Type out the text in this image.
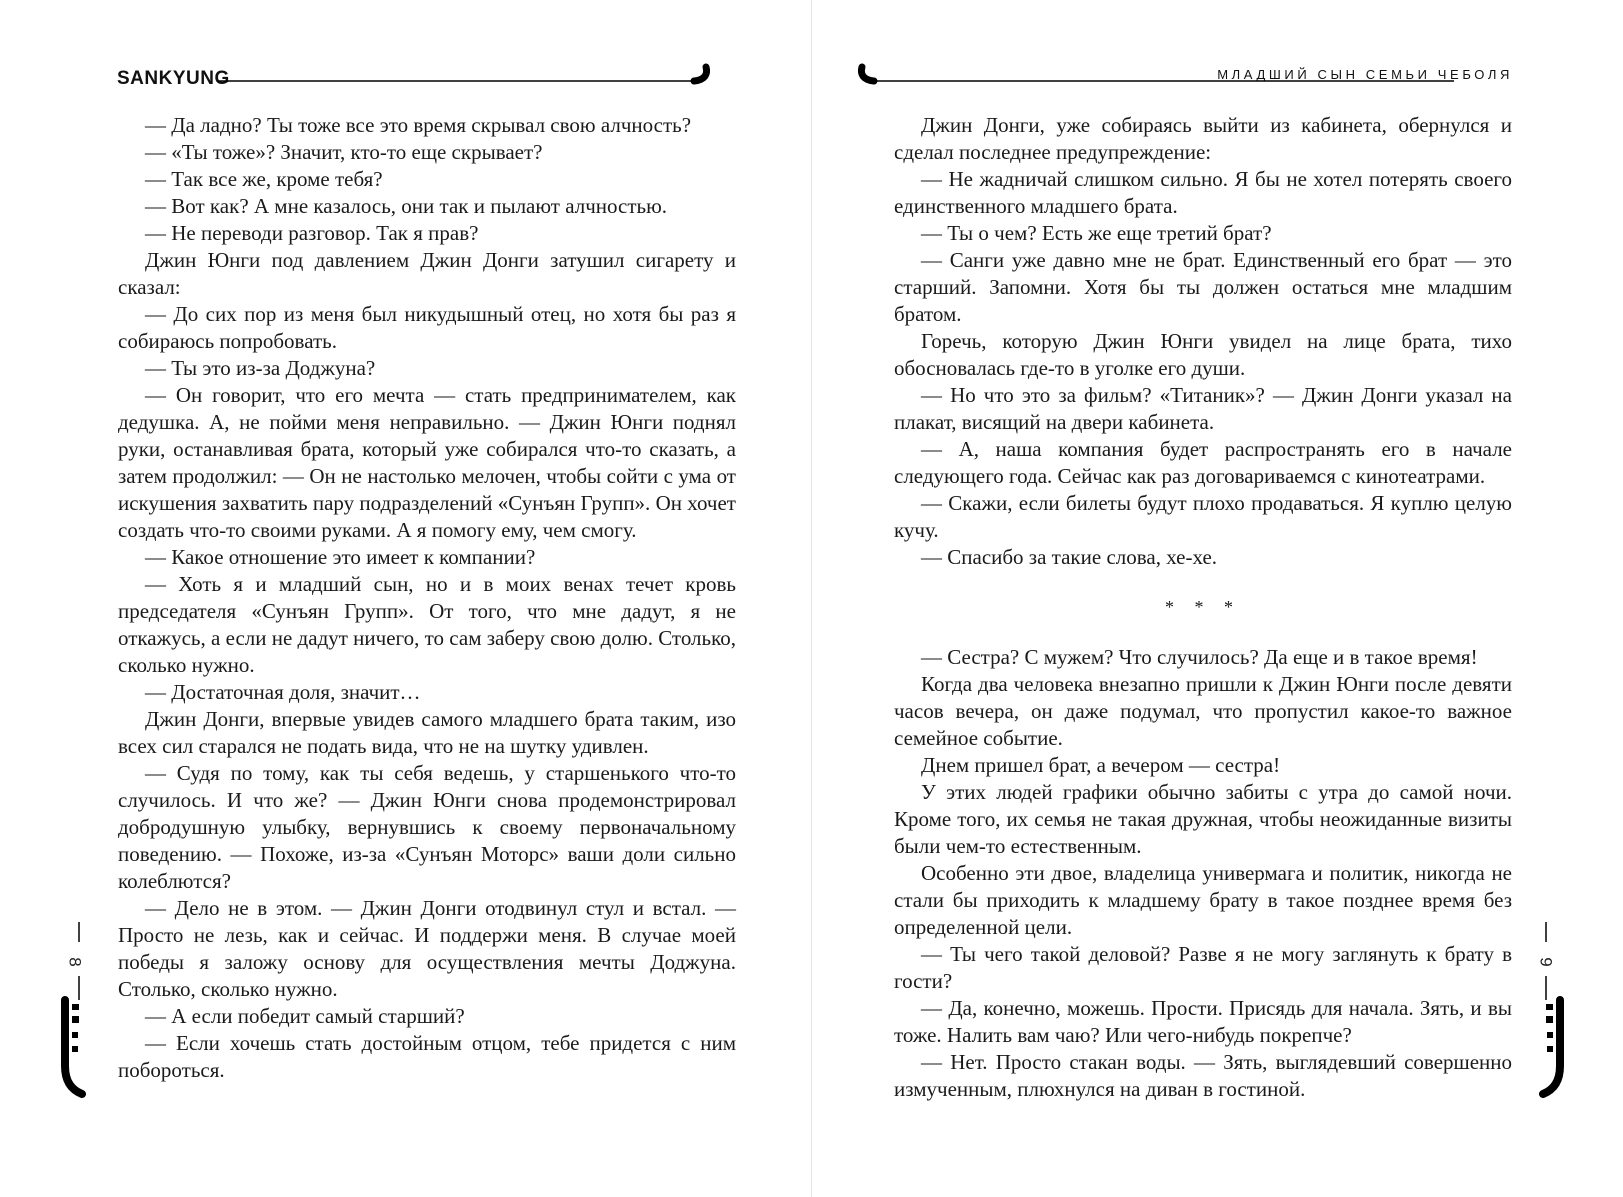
SANKYUNG

— Да ладно? Ты тоже все это время скрывал свою алчность?

— «Ты тоже»? Значит, кто-то еще скрывает?

— Так все же, кроме тебя?

— Вот как? А мне казалось, они так и пылают алчностью.

— Не переводи разговор. Так я прав?

Джин Юнги под давлением Джин Донги затушил сигарету и сказал:

— До сих пор из меня был никудышный отец, но хотя бы раз я собираюсь попробовать.

— Ты это из-за Доджуна?

— Он говорит, что его мечта — стать предпринимателем, как дедушка. А, не пойми меня неправильно. — Джин Юнги поднял руки, останавливая брата, который уже собирался что-то сказать, а затем продолжил: — Он не настолько мелочен, чтобы сойти с ума от искушения захватить пару подразделений «Сунъян Групп». Он хочет создать что-то своими руками. А я помогу ему, чем смогу.

— Какое отношение это имеет к компании?

— Хоть я и младший сын, но и в моих венах течет кровь председателя «Сунъян Групп». От того, что мне дадут, я не откажусь, а если не дадут ничего, то сам заберу свою долю. Столько, сколько нужно.

— Достаточная доля, значит…

Джин Донги, впервые увидев самого младшего брата таким, изо всех сил старался не подать вида, что не на шутку удивлен.

— Судя по тому, как ты себя ведешь, у старшенького что-то случилось. И что же? — Джин Юнги снова продемонстрировал добродушную улыбку, вернувшись к своему первоначальному поведению. — Похоже, из-за «Сунъян Моторс» ваши доли сильно колеблются?

— Дело не в этом. — Джин Донги отодвинул стул и встал. — Просто не лезь, как и сейчас. И поддержи меня. В случае моей победы я заложу основу для осуществления мечты Доджуна. Столько, сколько нужно.

— А если победит самый старший?

— Если хочешь стать достойным отцом, тебе придется с ним побороться.

8
МЛАДШИЙ СЫН СЕМЬИ ЧЕБОЛЯ

Джин Донги, уже собираясь выйти из кабинета, обернулся и сделал последнее предупреждение:

— Не жадничай слишком сильно. Я бы не хотел потерять своего единственного младшего брата.

— Ты о чем? Есть же еще третий брат?

— Санги уже давно мне не брат. Единственный его брат — это старший. Запомни. Хотя бы ты должен остаться мне младшим братом.

Горечь, которую Джин Юнги увидел на лице брата, тихо обосновалась где-то в уголке его души.

— Но что это за фильм? «Титаник»? — Джин Донги указал на плакат, висящий на двери кабинета.

— А, наша компания будет распространять его в начале следующего года. Сейчас как раз договариваемся с кинотеатрами.

— Скажи, если билеты будут плохо продаваться. Я куплю целую кучу.

— Спасибо за такие слова, хе-хе.

* * *

— Сестра? С мужем? Что случилось? Да еще и в такое время!

Когда два человека внезапно пришли к Джин Юнги после девяти часов вечера, он даже подумал, что пропустил какое-то важное семейное событие.

Днем пришел брат, а вечером — сестра!

У этих людей графики обычно забиты с утра до самой ночи. Кроме того, их семья не такая дружная, чтобы неожиданные визиты были чем-то естественным.

Особенно эти двое, владелица универмага и политик, никогда не стали бы приходить к младшему брату в такое позднее время без определенной цели.

— Ты чего такой деловой? Разве я не могу заглянуть к брату в гости?

— Да, конечно, можешь. Прости. Присядь для начала. Зять, и вы тоже. Налить вам чаю? Или чего-нибудь покрепче?

— Нет. Просто стакан воды. — Зять, выглядевший совершенно измученным, плюхнулся на диван в гостиной.

9
